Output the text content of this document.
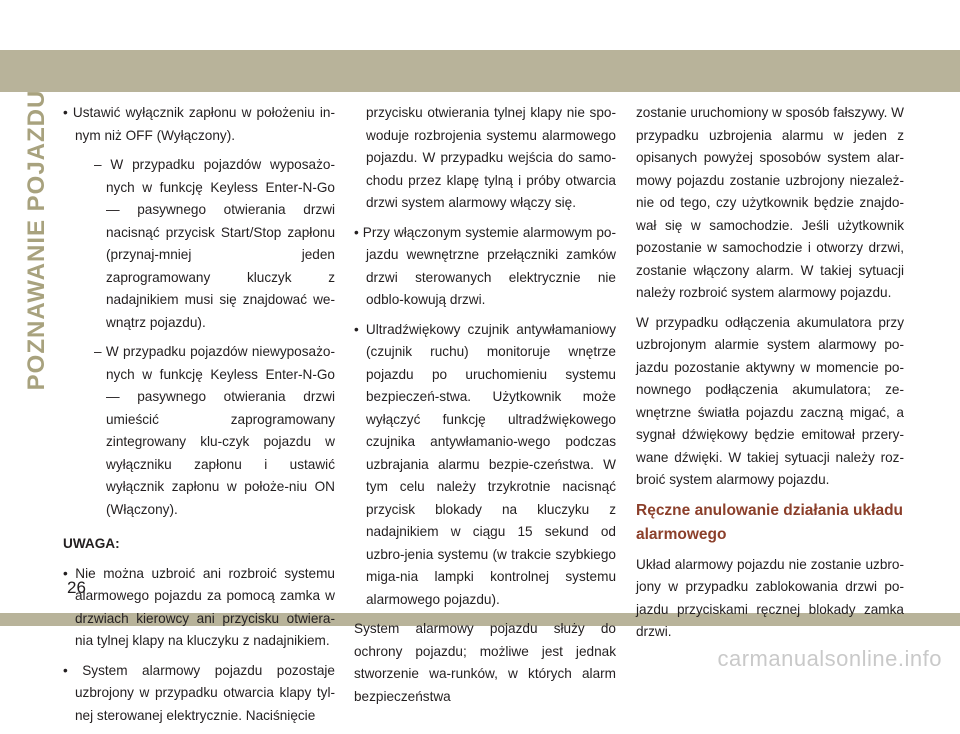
POZNAWANIE POJAZDU • Ustawić wyłącznik zapłonu w położeniu in-nym niż OFF (Wyłączony).

– W przypadku pojazdów wyposażo-nych w funkcję Keyless Enter-N-Go — pasywnego otwierania drzwi nacisnąć przycisk Start/Stop zapłonu (przynaj-mniej jeden zaprogramowany kluczyk z nadajnikiem musi się znajdować we-wnątrz pojazdu).

– W przypadku pojazdów niewyposażo-nych w funkcję Keyless Enter-N-Go — pasywnego otwierania drzwi umieścić zaprogramowany zintegrowany klu-czyk pojazdu w wyłączniku zapłonu i ustawić wyłącznik zapłonu w położe-niu ON (Włączony).

UWAGA:

• Nie można uzbroić ani rozbroić systemu alarmowego pojazdu za pomocą zamka w drzwiach kierowcy ani przycisku otwiera-nia tylnej klapy na kluczyku z nadajnikiem.

• System alarmowy pojazdu pozostaje uzbrojony w przypadku otwarcia klapy tyl-nej sterowanej elektrycznie. Naciśnięcie

przycisku otwierania tylnej klapy nie spo-woduje rozbrojenia systemu alarmowego pojazdu. W przypadku wejścia do samo-chodu przez klapę tylną i próby otwarcia drzwi system alarmowy włączy się.

• Przy włączonym systemie alarmowym po-jazdu wewnętrzne przełączniki zamków drzwi sterowanych elektrycznie nie odblo-kowują drzwi.

• Ultradźwiękowy czujnik antywłamaniowy (czujnik ruchu) monitoruje wnętrze pojazdu po uruchomieniu systemu bezpieczeń-stwa. Użytkownik może wyłączyć funkcję ultradźwiękowego czujnika antywłamanio-wego podczas uzbrajania alarmu bezpie-czeństwa. W tym celu należy trzykrotnie nacisnąć przycisk blokady na kluczyku z nadajnikiem w ciągu 15 sekund od uzbro-jenia systemu (w trakcie szybkiego miga-nia lampki kontrolnej systemu alarmowego pojazdu).

System alarmowy pojazdu służy do ochrony pojazdu; możliwe jest jednak stworzenie wa-runków, w których alarm bezpieczeństwa

zostanie uruchomiony w sposób fałszywy. W przypadku uzbrojenia alarmu w jeden z opisanych powyżej sposobów system alar-mowy pojazdu zostanie uzbrojony niezależ-nie od tego, czy użytkownik będzie znajdo-wał się w samochodzie. Jeśli użytkownik pozostanie w samochodzie i otworzy drzwi, zostanie włączony alarm. W takiej sytuacji należy rozbroić system alarmowy pojazdu.

W przypadku odłączenia akumulatora przy uzbrojonym alarmie system alarmowy po-jazdu pozostanie aktywny w momencie po-nownego podłączenia akumulatora; ze-wnętrzne światła pojazdu zaczną migać, a sygnał dźwiękowy będzie emitował przery-wane dźwięki. W takiej sytuacji należy roz-broić system alarmowy pojazdu.

Ręczne anulowanie działania układu alarmowego

Układ alarmowy pojazdu nie zostanie uzbro-jony w przypadku zablokowania drzwi po-jazdu przyciskami ręcznej blokady zamka drzwi.

26
carmanualsonline.info
